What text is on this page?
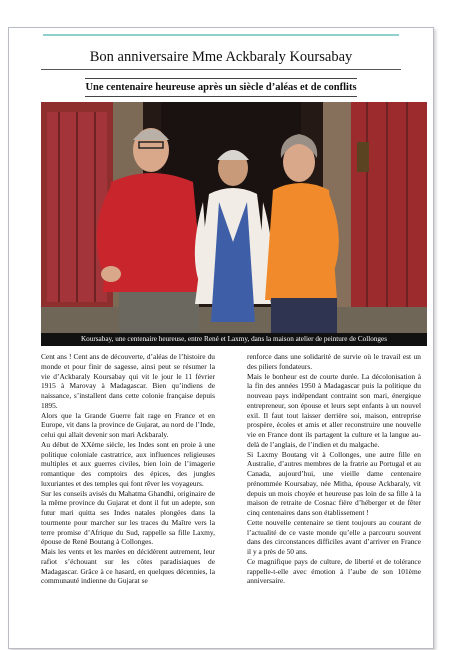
Bon anniversaire Mme Ackbaraly Koursabay
Une centenaire heureuse après un siècle d’aléas et de conflits
Koursabay, une centenaire heureuse, entre René et Laxmy, dans la maison atelier de peinture de Collonges

Cent ans ! Cent ans de découverte, d’aléas de l’histoire du monde et pour finir de sagesse, ainsi peut se résumer la vie d’Ackbaraly Koursabay qui vit le jour le 11 février 1915 à Marovay à Madagascar. Bien qu’indiens de naissance, s’installent dans cette colonie française depuis 1895.

Alors que la Grande Guerre fait rage en France et en Europe, vit dans la province de Gujarat, au nord de l’Inde, celui qui allait devenir son mari Ackbaraly.

Au début de XXème siècle, les Indes sont en proie à une politique coloniale castratrice, aux influences religieuses multiples et aux guerres civiles, bien loin de l’imagerie romantique des comptoirs des épices, des jungles luxuriantes et des temples qui font rêver les voyageurs.

Sur les conseils avisés du Mahatma Ghandhi, originaire de la même province du Gujarat et dont il fut un adepte, son futur mari quitta ses Indes natales plongées dans la tourmente pour marcher sur les traces du Maître vers la terre promise d’Afrique du Sud, rappelle sa fille Laxmy, épouse de René Boutang à Collonges.

Mais les vents et les marées en décidèrent autrement, leur rafiot s’échouant sur les côtes paradisiaques de Madagascar. Grâce à ce hasard, en quelques décennies, la communauté indienne du Gujarat se

renforce dans une solidarité de survie où le travail est un des piliers fondateurs.

Mais le bonheur est de courte durée. La décolonisation à la fin des années 1950 à Madagascar puis la politique du nouveau pays indépendant contraint son mari, énergique entrepreneur, son épouse et leurs sept enfants à un nouvel exil. Il faut tout laisser derrière soi, maison, entreprise prospère, écoles et amis et aller reconstruire une nouvelle vie en France dont ils partagent la culture et la langue au-delà de l’anglais, de l’indien et du malgache.

Si Laxmy Boutang vit à Collonges, une autre fille en Australie, d’autres membres de la fratrie au Portugal et au Canada, aujourd’hui, une vieille dame centenaire prénommée Koursabay, née Mitha, épouse Ackbaraly, vit depuis un mois choyée et heureuse pas loin de sa fille à la maison de retraite de Cosnac fière d’héberger et de fêter cinq centenaires dans son établissement !

Cette nouvelle centenaire se tient toujours au courant de l’actualité de ce vaste monde qu’elle a parcouru souvent dans des circonstances difficiles avant d’arriver en France il y a près de 50 ans.

Ce magnifique pays de culture, de liberté et de tolérance rappelle-t-elle avec émotion à l’aube de son 101ème anniversaire.
